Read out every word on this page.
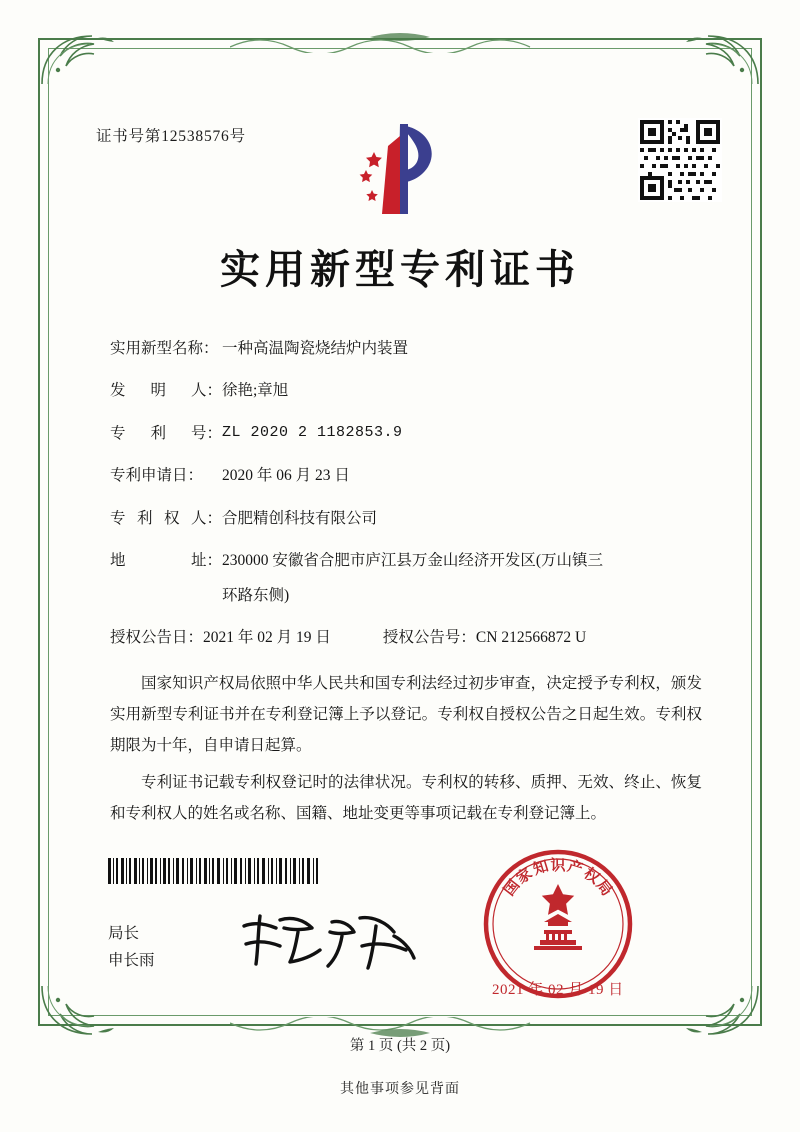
证书号第12538576号
实用新型专利证书
实用新型名称： 一种高温陶瓷烧结炉内装置
发 明 人： 徐艳;章旭
专 利 号： ZL 2020 2 1182853.9
专利申请日：	2020 年 06 月 23 日
专 利 权 人： 合肥精创科技有限公司
地	址： 230000 安徽省合肥市庐江县万金山经济开发区(万山镇三
环路东侧)
授权公告日：2021 年 02 月 19 日	授权公告号：CN 212566872 U

国家知识产权局依照中华人民共和国专利法经过初步审查，决定授予专利权，颁发实用新型专利证书并在专利登记簿上予以登记。专利权自授权公告之日起生效。专利权期限为十年，自申请日起算。

专利证书记载专利权登记时的法律状况。专利权的转移、质押、无效、终止、恢复和专利权人的姓名或名称、国籍、地址变更等事项记载在专利登记簿上。

局长
申长雨
国
家
知 识 产
权
局
2021 年 02 月 19 日
第 1 页 (共 2 页)
其他事项参见背面
